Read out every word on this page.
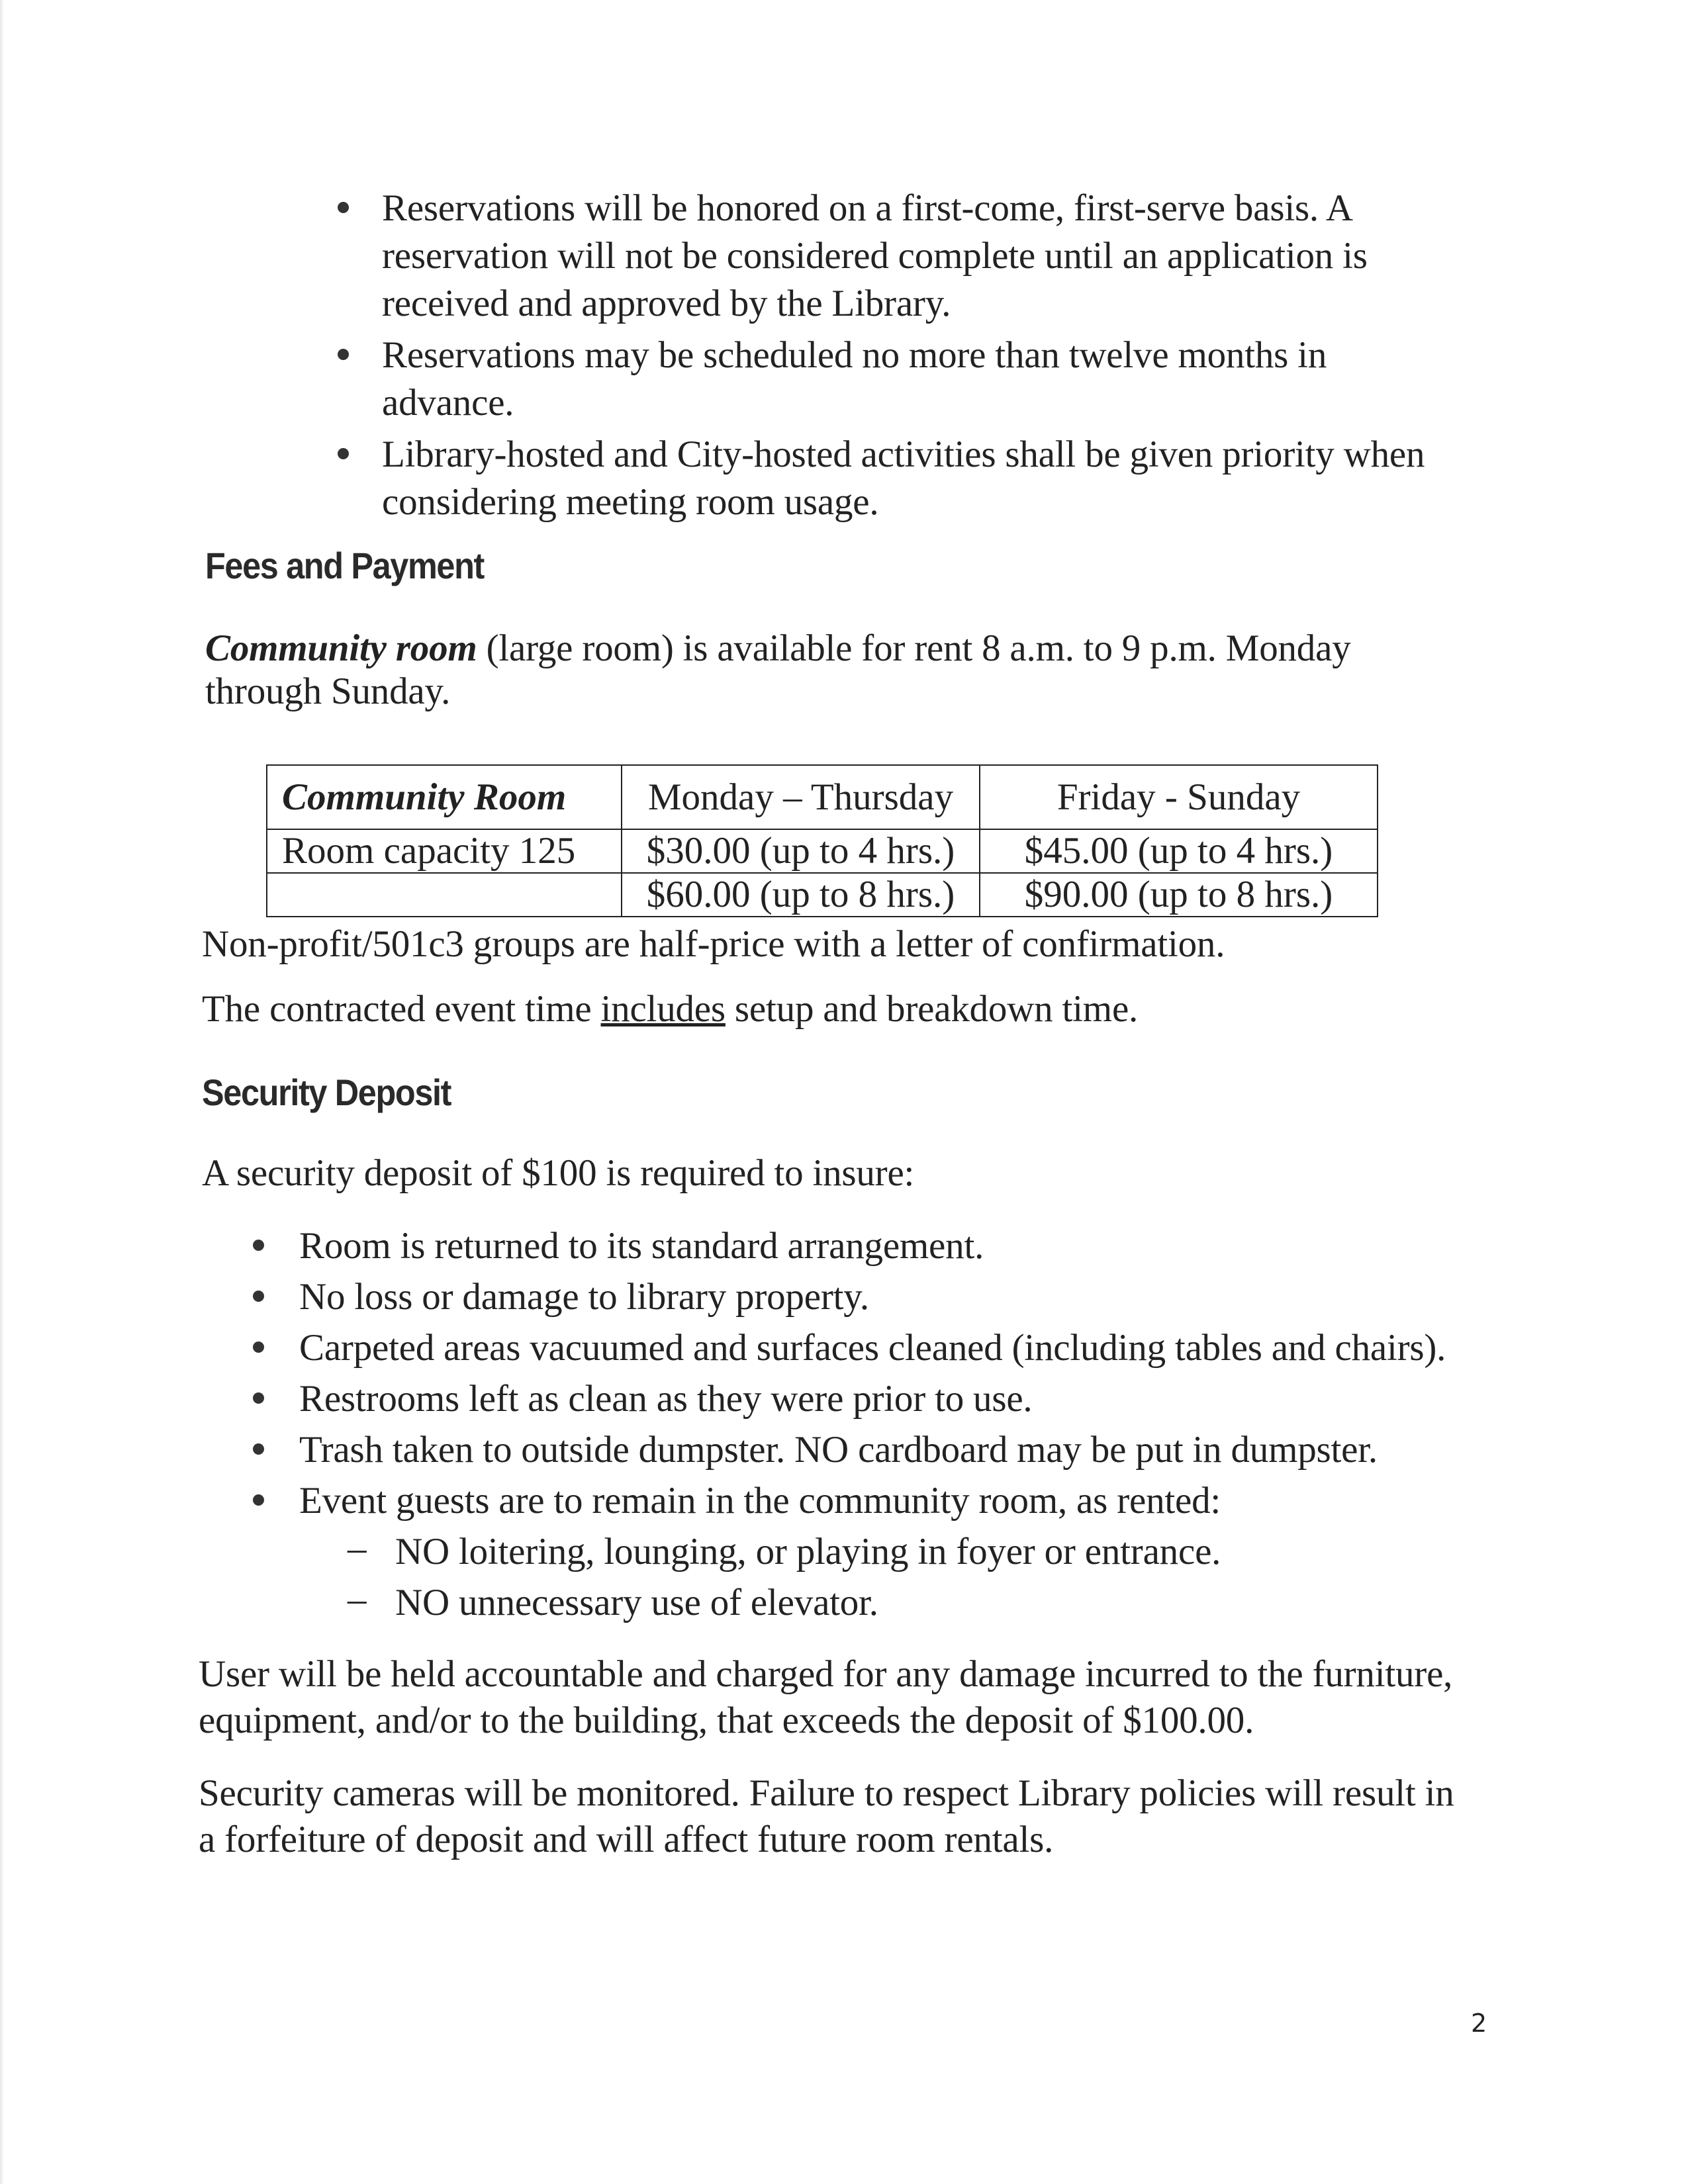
Reservations will be honored on a first-come, first-serve basis. A
reservation will not be considered complete until an application is
received and approved by the Library.
Reservations may be scheduled no more than twelve months in
advance.
Library-hosted and City-hosted activities shall be given priority when
considering meeting room usage.
Fees and Payment
Community room (large room) is available for rent 8 a.m. to 9 p.m. Monday
through Sunday.
Community Room	Monday – Thursday	Friday - Sunday
Room capacity 125	$30.00 (up to 4 hrs.)	$45.00 (up to 4 hrs.)
	$60.00 (up to 8 hrs.)	$90.00 (up to 8 hrs.)
Non-profit/501c3 groups are half-price with a letter of confirmation.
The contracted event time includes setup and breakdown time.
Security Deposit
A security deposit of $100 is required to insure:
Room is returned to its standard arrangement.
No loss or damage to library property.
Carpeted areas vacuumed and surfaces cleaned (including tables and chairs).
Restrooms left as clean as they were prior to use.
Trash taken to outside dumpster. NO cardboard may be put in dumpster.
Event guests are to remain in the community room, as rented:
– NO loitering, lounging, or playing in foyer or entrance.
– NO unnecessary use of elevator.
User will be held accountable and charged for any damage incurred to the furniture,
equipment, and/or to the building, that exceeds the deposit of $100.00.
Security cameras will be monitored. Failure to respect Library policies will result in
a forfeiture of deposit and will affect future room rentals.
2
